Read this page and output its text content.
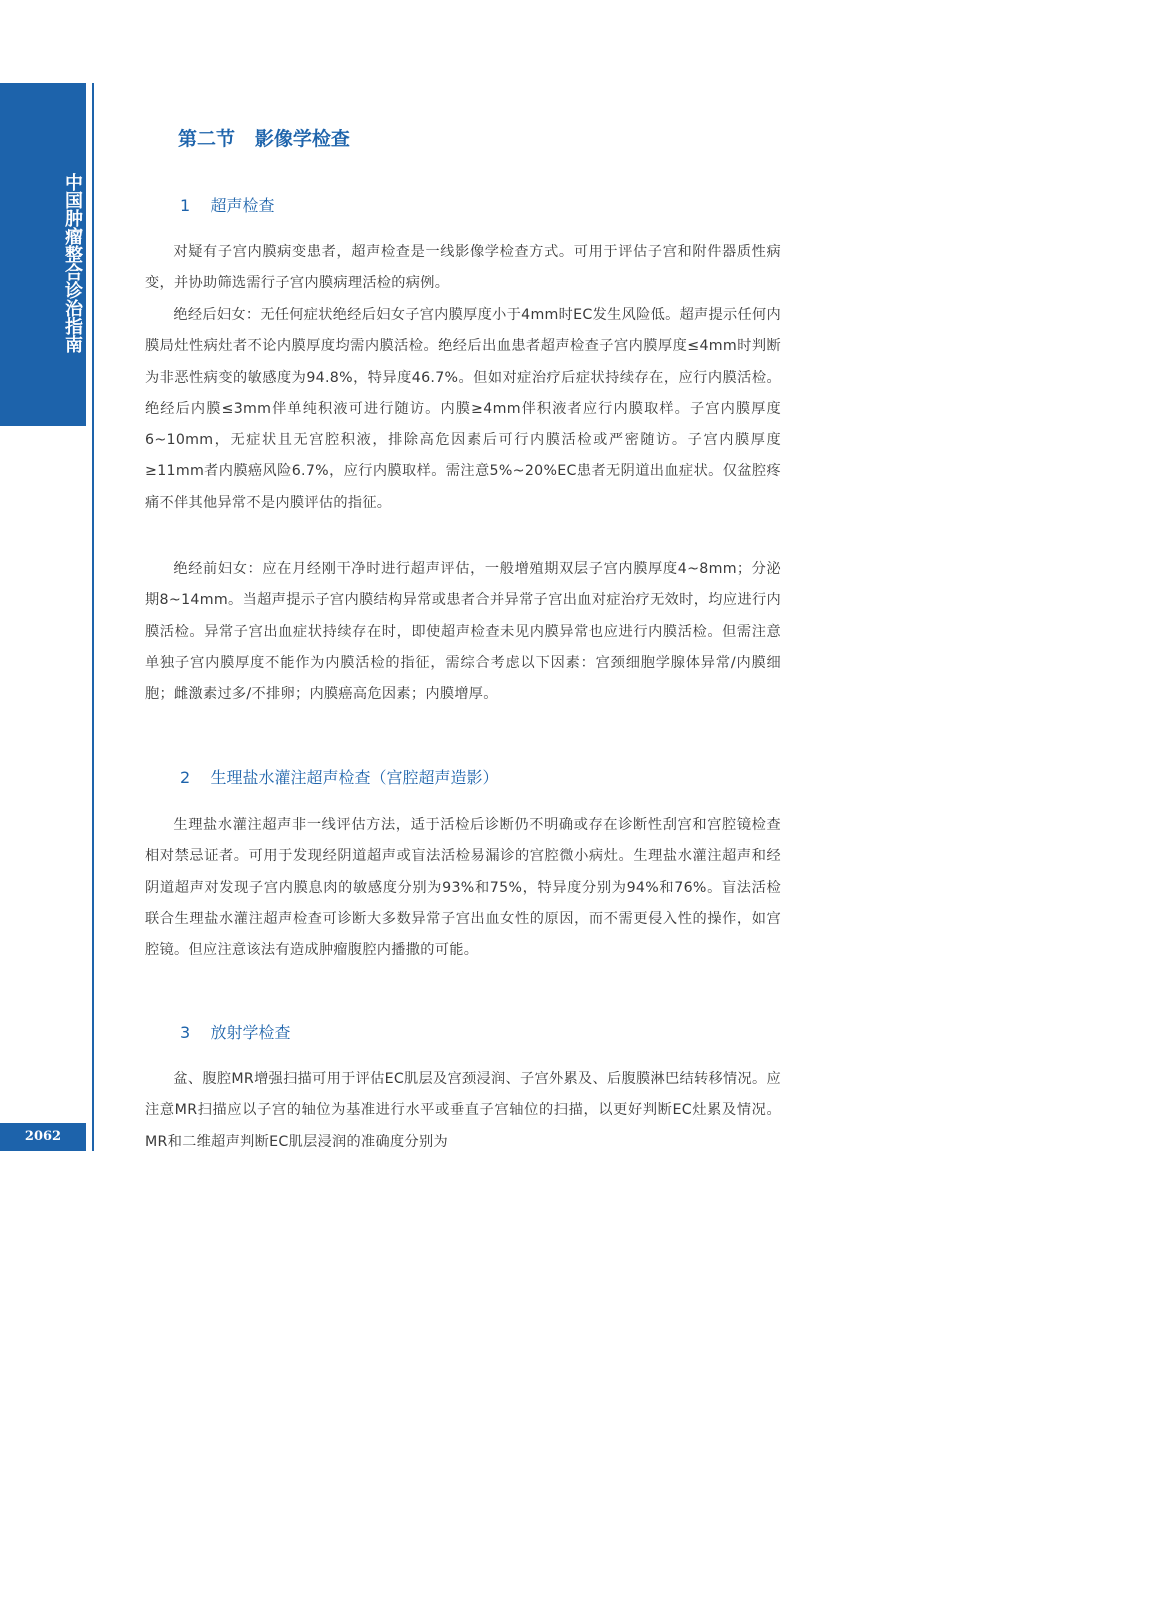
中国肿瘤整合诊治指南
2062
第二节   影像学检查
1    超声检查
对疑有子宫内膜病变患者，超声检查是一线影像学检查方式。可用于评估子宫和附件器质性病变，并协助筛选需行子宫内膜病理活检的病例。
绝经后妇女：无任何症状绝经后妇女子宫内膜厚度小于4mm时EC发生风险低。超声提示任何内膜局灶性病灶者不论内膜厚度均需内膜活检。绝经后出血患者超声检查子宫内膜厚度≤4mm时判断为非恶性病变的敏感度为94.8%，特异度46.7%。但如对症治疗后症状持续存在，应行内膜活检。绝经后内膜≤3mm伴单纯积液可进行随访。内膜≥4mm伴积液者应行内膜取样。子宫内膜厚度6~10mm，无症状且无宫腔积液，排除高危因素后可行内膜活检或严密随访。子宫内膜厚度≥11mm者内膜癌风险6.7%，应行内膜取样。需注意5%~20%EC患者无阴道出血症状。仅盆腔疼痛不伴其他异常不是内膜评估的指征。
绝经前妇女：应在月经刚干净时进行超声评估，一般增殖期双层子宫内膜厚度4~8mm；分泌期8~14mm。当超声提示子宫内膜结构异常或患者合并异常子宫出血对症治疗无效时，均应进行内膜活检。异常子宫出血症状持续存在时，即使超声检查未见内膜异常也应进行内膜活检。但需注意单独子宫内膜厚度不能作为内膜活检的指征，需综合考虑以下因素：宫颈细胞学腺体异常/内膜细胞；雌激素过多/不排卵；内膜癌高危因素；内膜增厚。
2    生理盐水灌注超声检查（宫腔超声造影）
生理盐水灌注超声非一线评估方法，适于活检后诊断仍不明确或存在诊断性刮宫和宫腔镜检查相对禁忌证者。可用于发现经阴道超声或盲法活检易漏诊的宫腔微小病灶。生理盐水灌注超声和经阴道超声对发现子宫内膜息肉的敏感度分别为93%和75%，特异度分别为94%和76%。盲法活检联合生理盐水灌注超声检查可诊断大多数异常子宫出血女性的原因，而不需更侵入性的操作，如宫腔镜。但应注意该法有造成肿瘤腹腔内播撒的可能。
3    放射学检查
盆、腹腔MR增强扫描可用于评估EC肌层及宫颈浸润、子宫外累及、后腹膜淋巴结转移情况。应注意MR扫描应以子宫的轴位为基准进行水平或垂直子宫轴位的扫描，以更好判断EC灶累及情况。MR和二维超声判断EC肌层浸润的准确度分别为
